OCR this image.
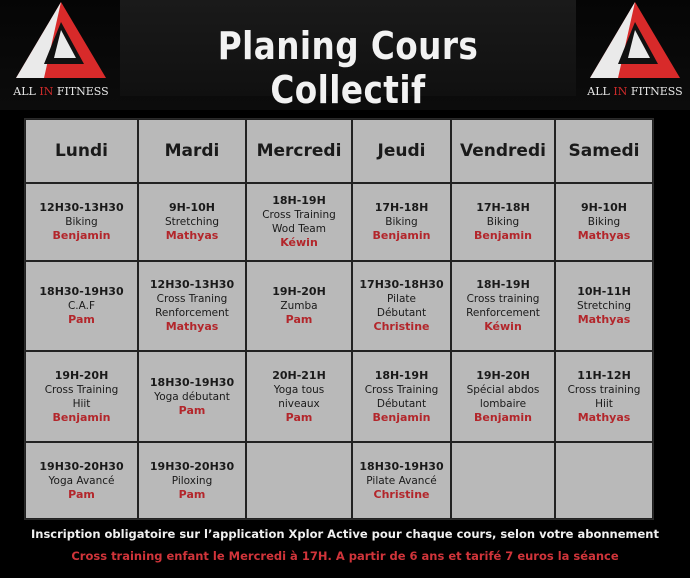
Planing Cours Collectif
ALL IN FITNESS	ALL IN FITNESS
Lundi	Mardi Mercredi Jeudi Vendredi Samedi
12H30-13H30
Biking
Benjamin
9H-10H
Stretching
Mathyas
18H-19H
Cross Training
Wod Team
Kéwin
17H-18H
Biking
Benjamin
17H-18H
Biking
Benjamin
9H-10H
Biking
Mathyas
18H30-19H30
C.A.F
Pam
12H30-13H30
Cross Traning
Renforcement
Mathyas
19H-20H
Zumba
Pam
17H30-18H30
Pilate
Débutant
Christine
18H-19H
Cross training
Renforcement
Kéwin
10H-11H
Stretching
Mathyas
19H-20H
Cross Training
Hiit
Benjamin
18H30-19H30
Yoga débutant
Pam
20H-21H
Yoga tous
niveaux
Pam
18H-19H
Cross Training
Débutant
Benjamin
19H-20H
Spécial abdos
lombaire
Benjamin
11H-12H
Cross training
Hiit
Mathyas
19H30-20H30
Yoga Avancé
Pam
19H30-20H30
Piloxing
Pam
18H30-19H30
Pilate Avancé
Christine
Inscription obligatoire sur l’application Xplor Active pour chaque cours, selon votre abonnement
Cross training enfant le Mercredi à 17H. A partir de 6 ans et tarifé 7 euros la séance
